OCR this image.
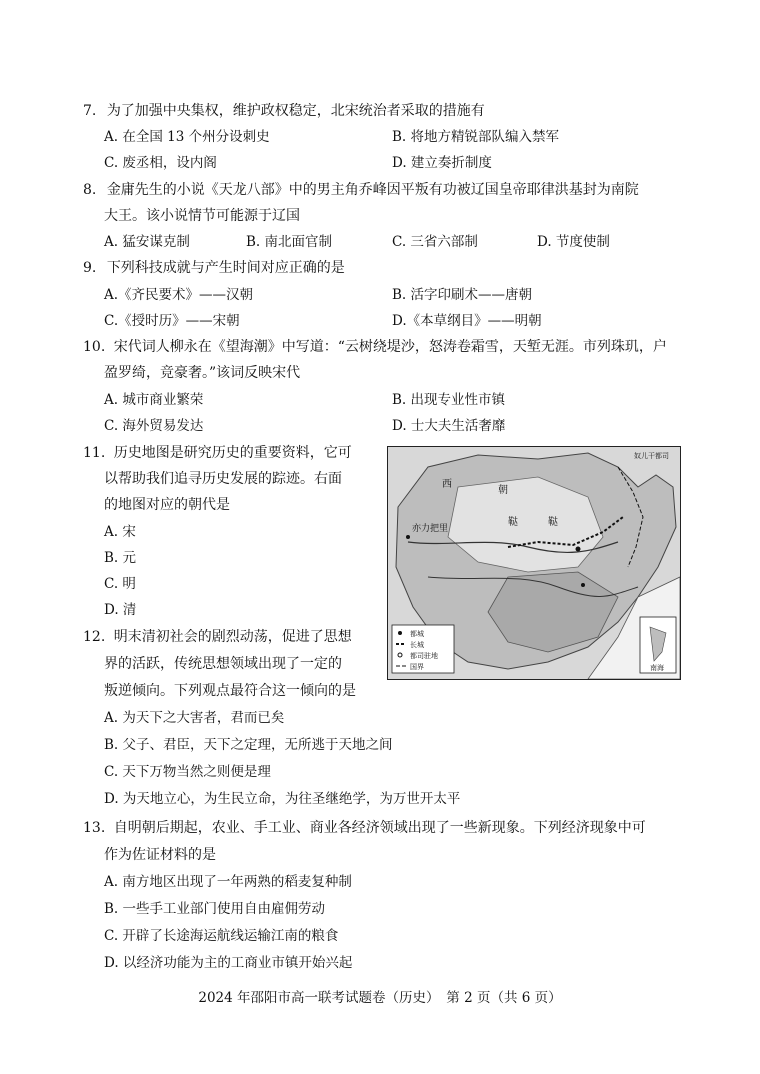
7. 为了加强中央集权，维护政权稳定，北宋统治者采取的措施有
A. 在全国 13 个州分设刺史	B. 将地方精锐部队编入禁军
C. 废丞相，设内阁	D. 建立奏折制度
8. 金庸先生的小说《天龙八部》中的男主角乔峰因平叛有功被辽国皇帝耶律洪基封为南院
大王。该小说情节可能源于辽国
A. 猛安谋克制	B. 南北面官制	C. 三省六部制	D. 节度使制
9. 下列科技成就与产生时间对应正确的是
A.《齐民要术》——汉朝	B. 活字印刷术——唐朝
C.《授时历》——宋朝	D.《本草纲目》——明朝
10. 宋代词人柳永在《望海潮》中写道：“云树绕堤沙，怒涛卷霜雪，天堑无涯。市列珠玑，户
盈罗绮，竞豪奢。”该词反映宋代
A. 城市商业繁荣	B. 出现专业性市镇
C. 海外贸易发达	D. 士大夫生活奢靡
11. 历史地图是研究历史的重要资料，它可
以帮助我们追寻历史发展的踪迹。右面
的地图对应的朝代是
A. 宋
B. 元
C. 明
D. 清
西
朝
鞑	鞑
亦力把里
奴儿干都司
南海
都城
长城
都司驻地
国界
12. 明末清初社会的剧烈动荡，促进了思想
界的活跃，传统思想领域出现了一定的
叛逆倾向。下列观点最符合这一倾向的是
A. 为天下之大害者，君而已矣
B. 父子、君臣，天下之定理，无所逃于天地之间
C. 天下万物当然之则便是理
D. 为天地立心，为生民立命，为往圣继绝学，为万世开太平
13. 自明朝后期起，农业、手工业、商业各经济领域出现了一些新现象。下列经济现象中可
作为佐证材料的是
A. 南方地区出现了一年两熟的稻麦复种制
B. 一些手工业部门使用自由雇佣劳动
C. 开辟了长途海运航线运输江南的粮食
D. 以经济功能为主的工商业市镇开始兴起
2024 年邵阳市高一联考试题卷（历史）　第 2 页（共 6 页）
